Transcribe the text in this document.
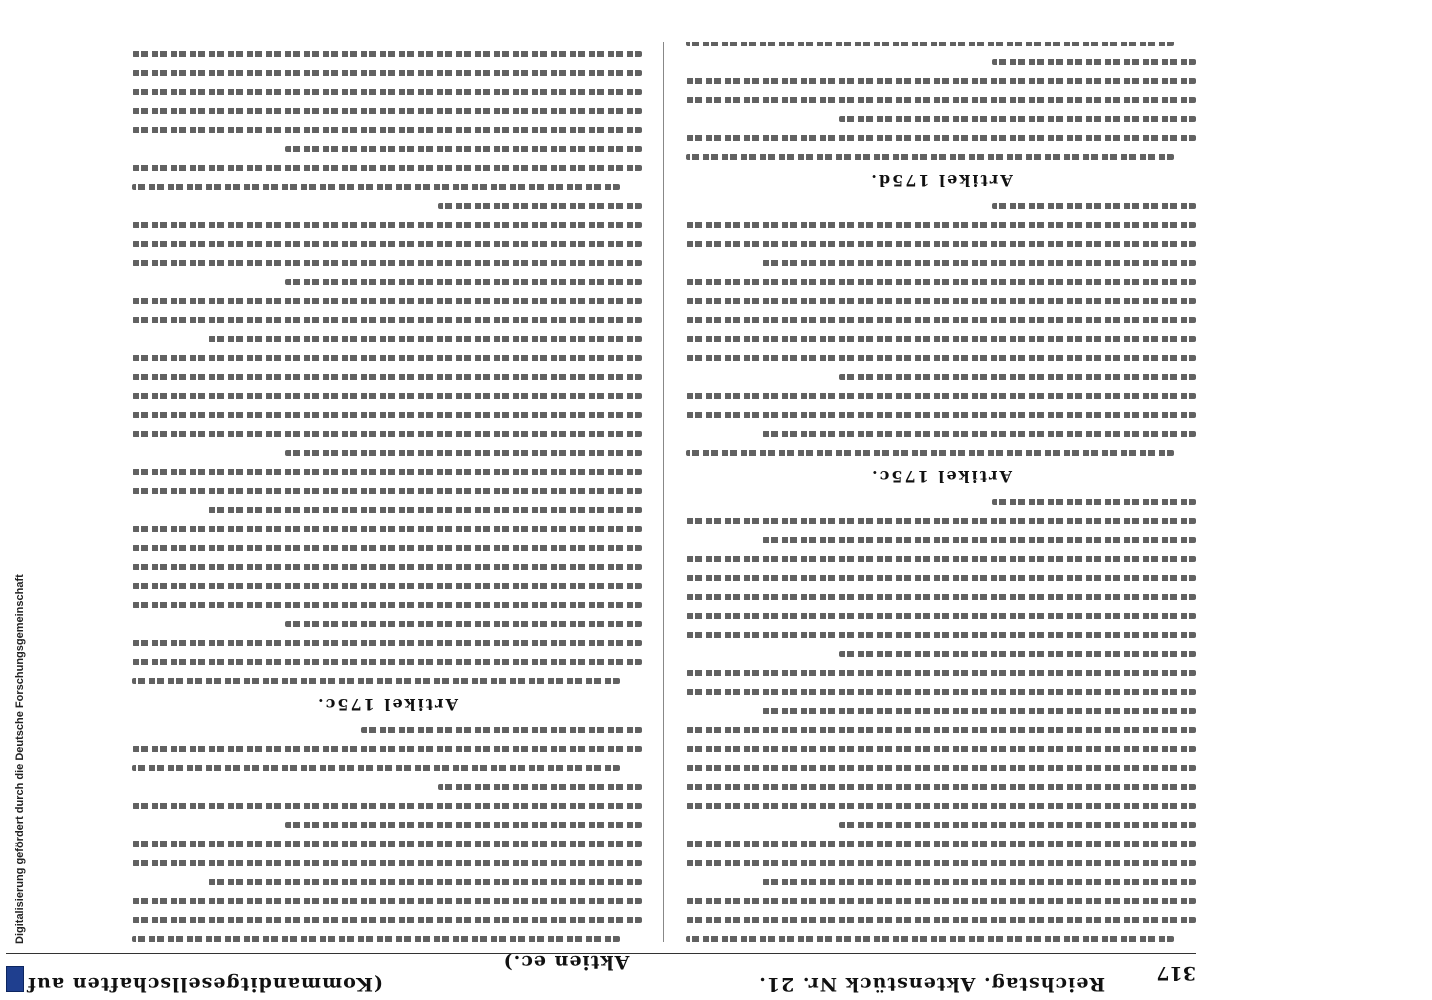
317
Reichstag. Aktenstück Nr. 21.  (Kommanditgesellschaften auf Aktien ec.)
Artikel 175c.
Artikel 175d.
Artikel 175c.
Digitalisierung gefördert durch die Deutsche Forschungsgemeinschaft
